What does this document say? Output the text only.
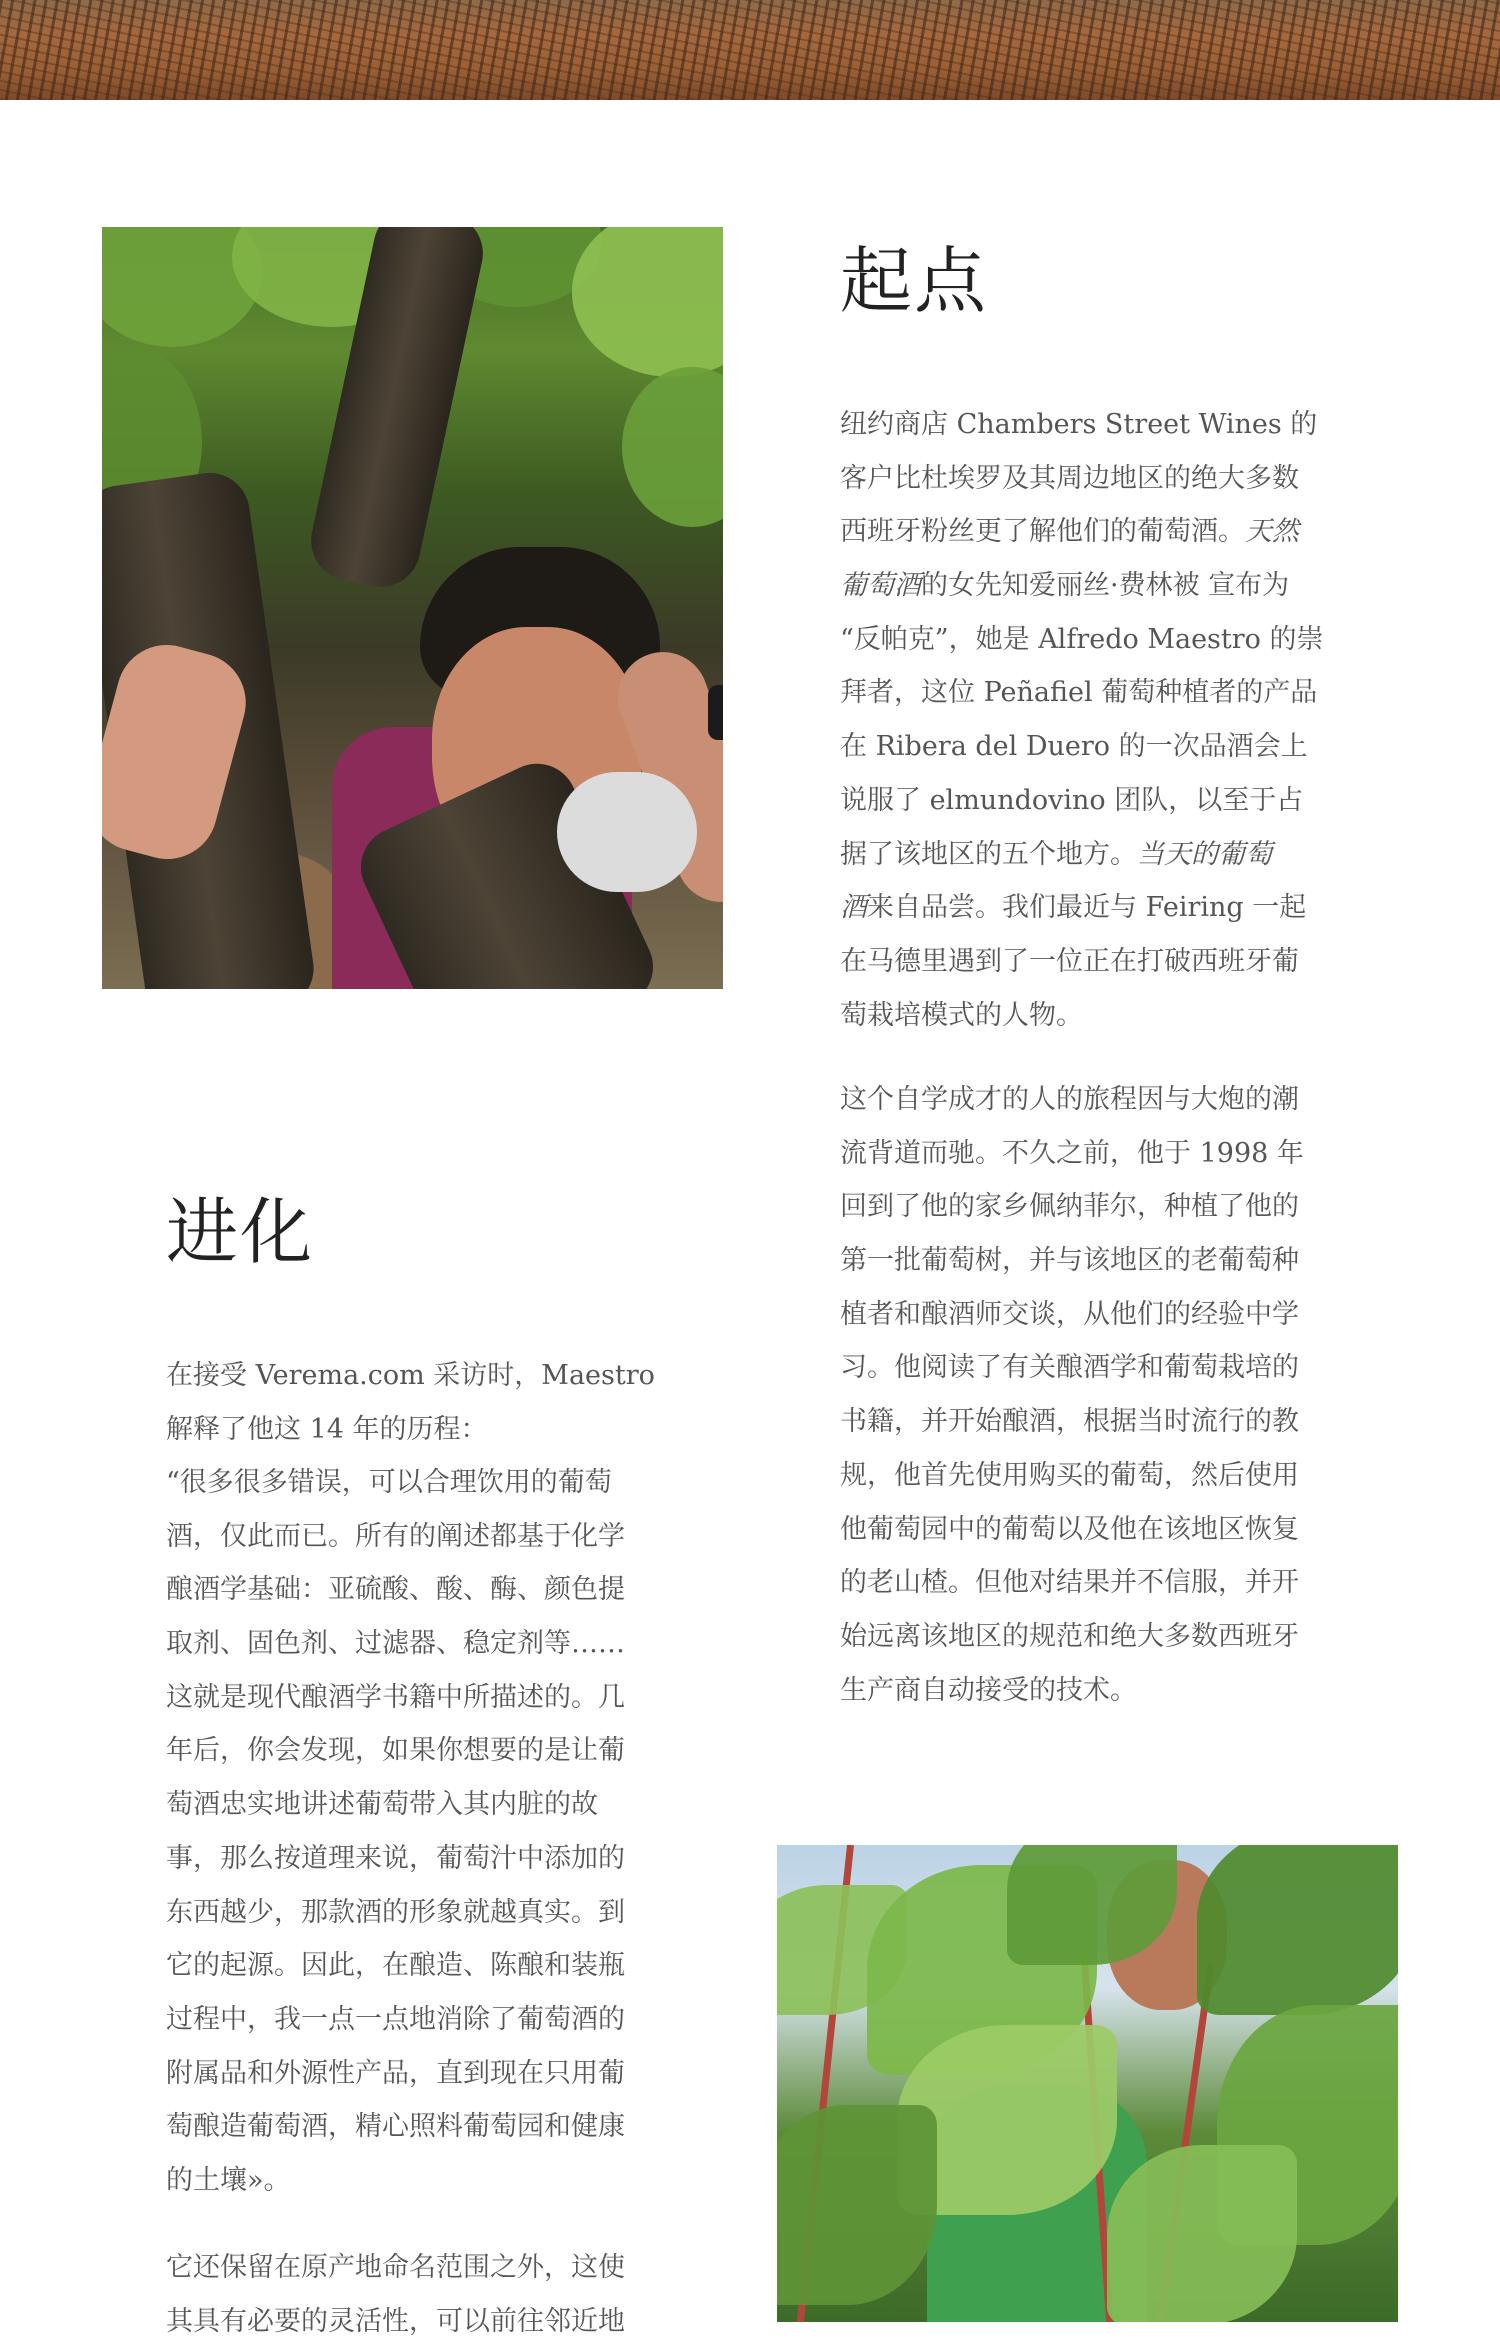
起点

纽约商店 Chambers Street Wines 的
客户比杜埃罗及其周边地区的绝大多数
西班牙粉丝更了解他们的葡萄酒。天然
葡萄酒的女先知爱丽丝·费林被 宣布为
“反帕克”，她是 Alfredo Maestro 的崇
拜者，这位 Peñafiel 葡萄种植者的产品
在 Ribera del Duero 的一次品酒会上
说服了 elmundovino 团队，以至于占
据了该地区的五个地方。当天的葡萄
酒来自品尝。我们最近与 Feiring 一起
在马德里遇到了一位正在打破西班牙葡
萄栽培模式的人物。

这个自学成才的人的旅程因与大炮的潮
流背道而驰。不久之前，他于 1998 年
回到了他的家乡佩纳菲尔，种植了他的
第一批葡萄树，并与该地区的老葡萄种
植者和酿酒师交谈，从他们的经验中学
习。他阅读了有关酿酒学和葡萄栽培的
书籍，并开始酿酒，根据当时流行的教
规，他首先使用购买的葡萄，然后使用
他葡萄园中的葡萄以及他在该地区恢复
的老山楂。但他对结果并不信服，并开
始远离该地区的规范和绝大多数西班牙
生产商自动接受的技术。

进化

在接受 Verema.com 采访时，Maestro
解释了他这 14 年的历程：

“很多很多错误，可以合理饮用的葡萄
酒，仅此而已。所有的阐述都基于化学
酿酒学基础：亚硫酸、酸、酶、颜色提
取剂、固色剂、过滤器、稳定剂等……
这就是现代酿酒学书籍中所描述的。几
年后，你会发现，如果你想要的是让葡
萄酒忠实地讲述葡萄带入其内脏的故
事，那么按道理来说，葡萄汁中添加的
东西越少，那款酒的形象就越真实。到
它的起源。因此，在酿造、陈酿和装瓶
过程中，我一点一点地消除了葡萄酒的
附属品和外源性产品，直到现在只用葡
萄酿造葡萄酒，精心照料葡萄园和健康
的土壤»。

它还保留在原产地命名范围之外，这使
其具有必要的灵活性，可以前往邻近地
